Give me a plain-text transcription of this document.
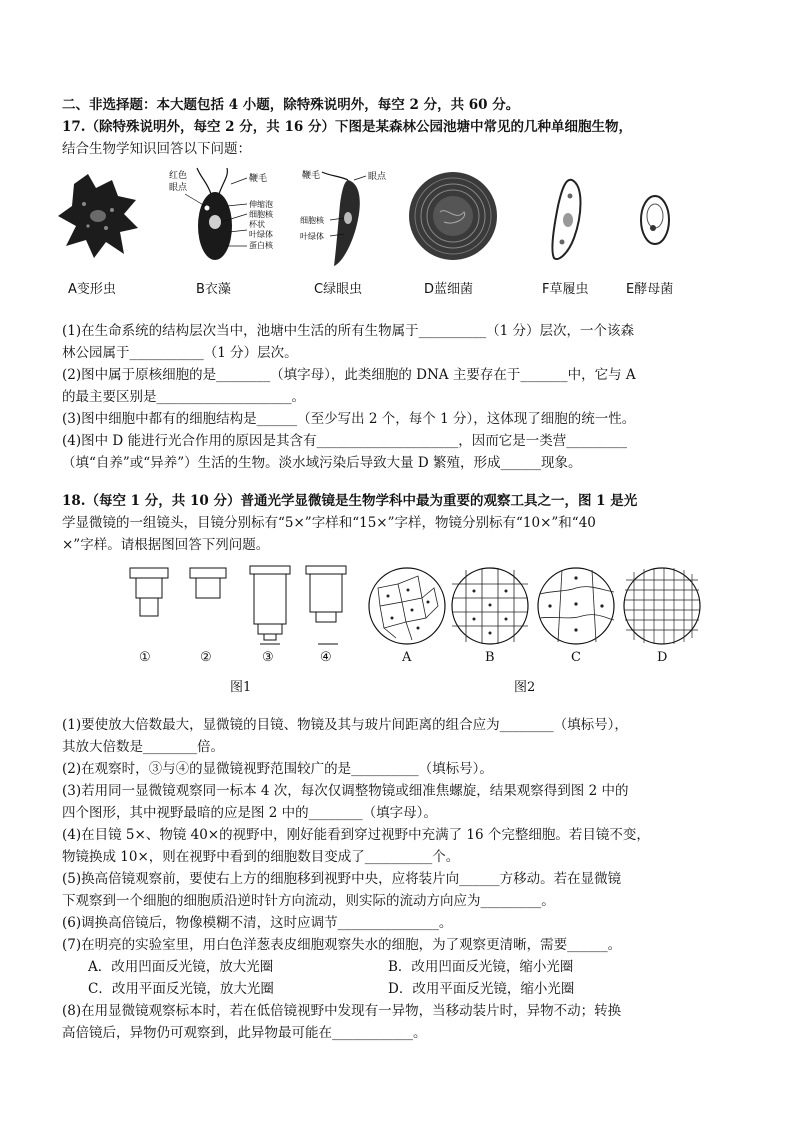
二、非选择题：本大题包括 4 小题，除特殊说明外，每空 2 分，共 60 分。
17.（除特殊说明外，每空 2 分，共 16 分）下图是某森林公园池塘中常见的几种单细胞生物，
结合生物学知识回答以下问题：
红色
眼点
鞭毛
伸缩泡
细胞核
杯状
叶绿体
蛋白核
鞭毛	眼点
细胞核
叶绿体
A变形虫	B衣藻	C绿眼虫	D蓝细菌	F草履虫	E酵母菌
(1)在生命系统的结构层次当中，池塘中生活的所有生物属于__________（1 分）层次，一个该森
林公园属于___________（1 分）层次。
(2)图中属于原核细胞的是________（填字母），此类细胞的 DNA 主要存在于_______中，它与 A
的最主要区别是____________________。
(3)图中细胞中都有的细胞结构是______（至少写出 2 个，每个 1 分），这体现了细胞的统一性。
(4)图中 D 能进行光合作用的原因是其含有_____________________，因而它是一类营_________
（填“自养”或“异养”）生活的生物。淡水域污染后导致大量 D 繁殖，形成______现象。
18.（每空 1 分，共 10 分）普通光学显微镜是生物学科中最为重要的观察工具之一，图 1 是光
学显微镜的一组镜头，目镜分别标有“5×”字样和“15×”字样，物镜分别标有“10×”和“40
×”字样。请根据图回答下列问题。
①	②	③	④	A	B	C	D
图1	图2
(1)要使放大倍数最大，显微镜的目镜、物镜及其与玻片间距离的组合应为________（填标号），
其放大倍数是________倍。
(2)在观察时，③与④的显微镜视野范围较广的是__________（填标号）。
(3)若用同一显微镜观察同一标本 4 次，每次仅调整物镜或细准焦螺旋，结果观察得到图 2 中的
四个图形，其中视野最暗的应是图 2 中的________（填字母）。
(4)在目镜 5×、物镜 40×的视野中，刚好能看到穿过视野中充满了 16 个完整细胞。若目镜不变，
物镜换成 10×，则在视野中看到的细胞数目变成了__________个。
(5)换高倍镜观察前，要使右上方的细胞移到视野中央，应将装片向______方移动。若在显微镜
下观察到一个细胞的细胞质沿逆时针方向流动，则实际的流动方向应为_________。
(6)调换高倍镜后，物像模糊不清，这时应调节_______________。
(7)在明亮的实验室里，用白色洋葱表皮细胞观察失水的细胞，为了观察更清晰，需要______。
A．改用凹面反光镜，放大光圈	B．改用凹面反光镜，缩小光圈
C．改用平面反光镜，放大光圈	D．改用平面反光镜，缩小光圈
(8)在用显微镜观察标本时，若在低倍镜视野中发现有一异物，当移动装片时，异物不动；转换
高倍镜后，异物仍可观察到，此异物最可能在____________。
